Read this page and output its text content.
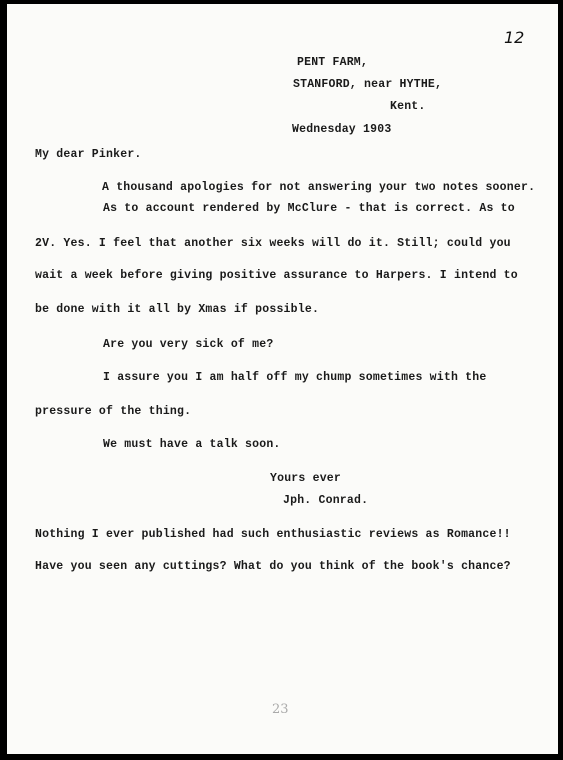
12
PENT FARM,
STANFORD, near HYTHE,
Kent.
Wednesday 1903
My dear Pinker.
A thousand apologies for not answering your two notes sooner.
As to account rendered by McClure - that is correct. As to
2V. Yes. I feel that another six weeks will do it. Still; could you
wait a week before giving positive assurance to Harpers. I intend to
be done with it all by Xmas if possible.
Are you very sick of me?
I assure you I am half off my chump sometimes with the
pressure of the thing.
We must have a talk soon.
Yours ever
Jph. Conrad.
Nothing I ever published had such enthusiastic reviews as Romance!!
Have you seen any cuttings? What do you think of the book's chance?
23
